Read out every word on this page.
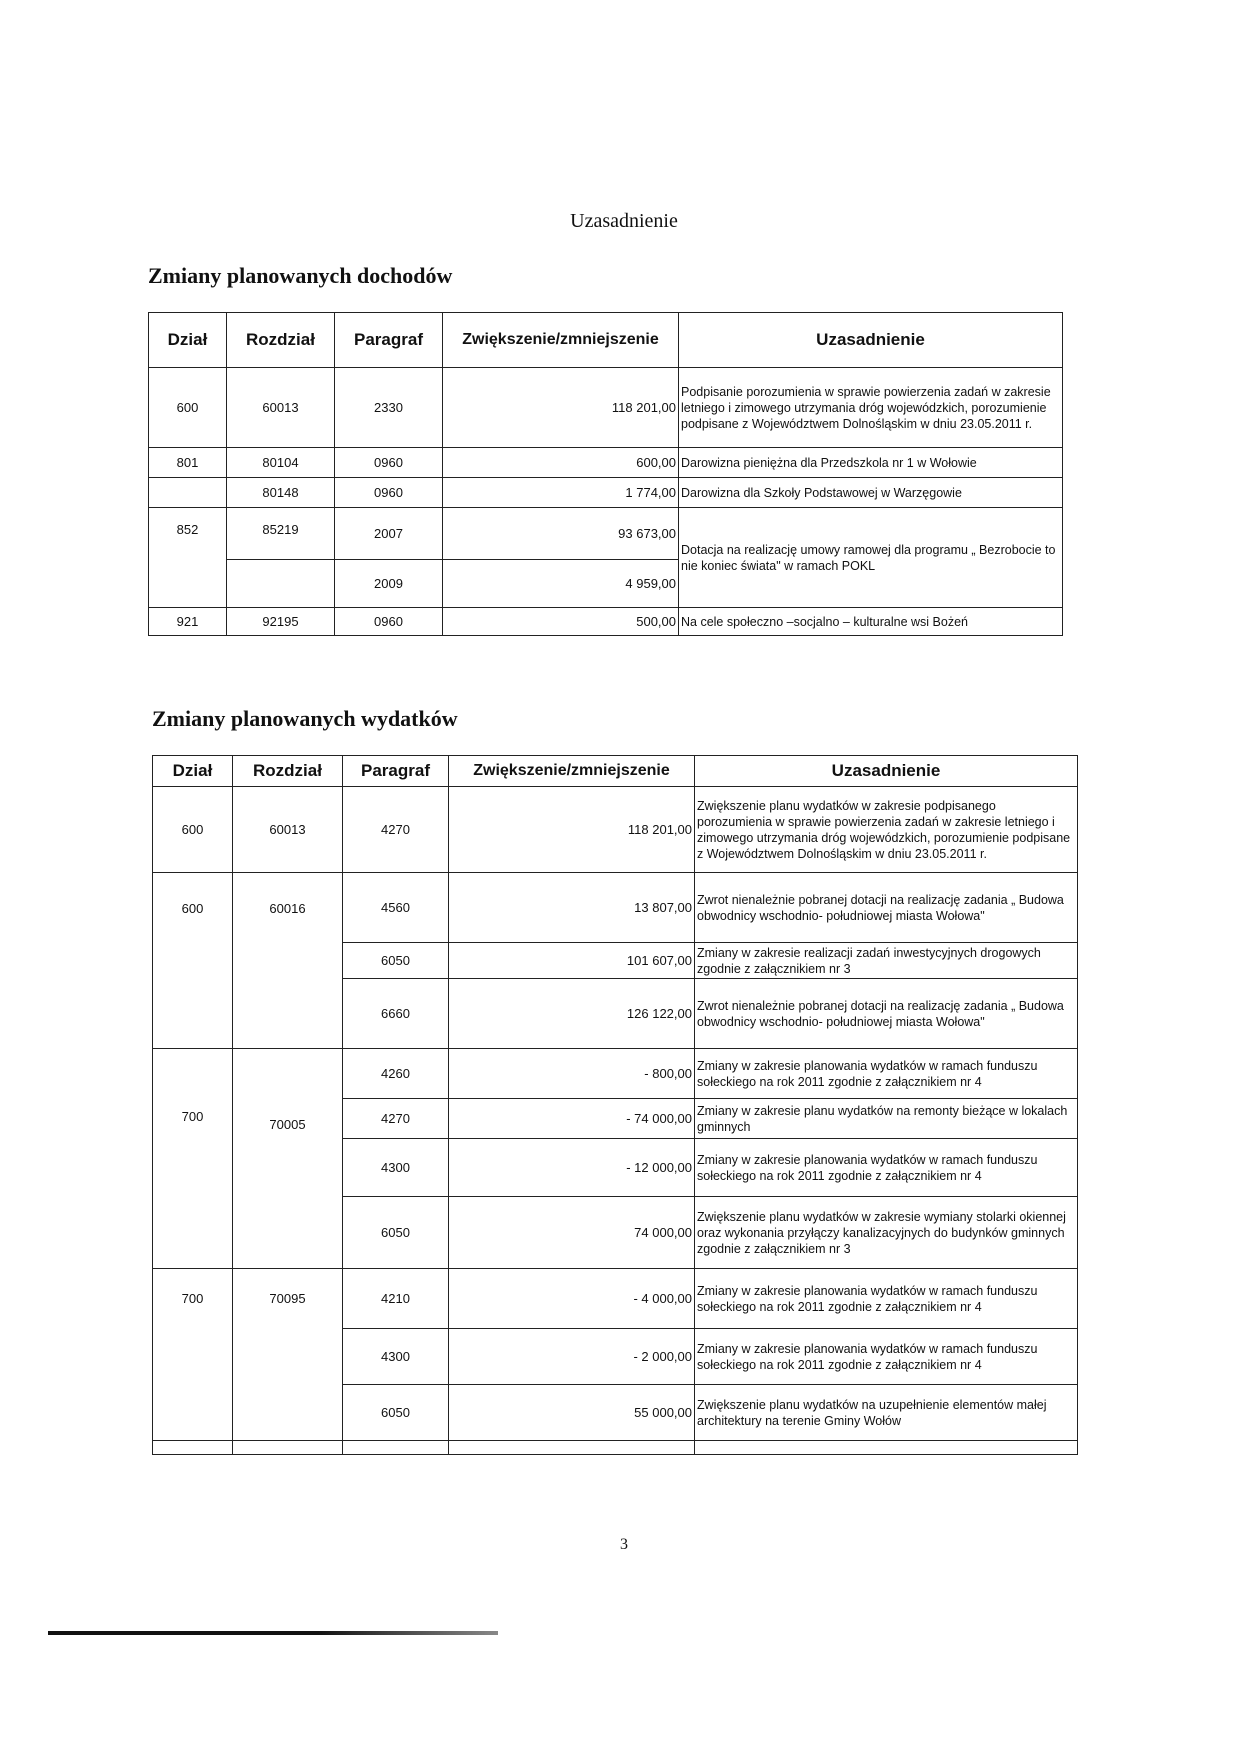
Uzasadnienie
Zmiany planowanych dochodów
Dział	Rozdział	Paragraf	Zwiększenie/zmniejszenie	Uzasadnienie
600	60013	2330	118 201,00	Podpisanie porozumienia w sprawie powierzenia zadań w zakresie letniego i zimowego utrzymania dróg wojewódzkich, porozumienie podpisane z Województwem Dolnośląskim w dniu 23.05.2011 r.
801	80104	0960	600,00	Darowizna pieniężna dla Przedszkola nr 1 w Wołowie
	80148	0960	1 774,00	Darowizna dla Szkoły Podstawowej w Warzęgowie
852	85219	2007	93 673,00	Dotacja na realizację umowy ramowej dla programu „ Bezrobocie to nie koniec świata" w ramach POKL
		2009	4 959,00	
921	92195	0960	500,00	Na cele społeczno –socjalno – kulturalne wsi Bożeń
Zmiany planowanych wydatków
Dział	Rozdział	Paragraf	Zwiększenie/zmniejszenie	Uzasadnienie
600	60013	4270	118 201,00	Zwiększenie planu wydatków w zakresie podpisanego porozumienia w sprawie powierzenia zadań w zakresie letniego i zimowego utrzymania dróg wojewódzkich, porozumienie podpisane z Województwem Dolnośląskim w dniu 23.05.2011 r.
600	60016	4560	13 807,00	Zwrot nienależnie pobranej dotacji na realizację zadania „ Budowa obwodnicy wschodnio- południowej miasta Wołowa"
		6050	101 607,00	Zmiany w zakresie realizacji zadań inwestycyjnych drogowych zgodnie z załącznikiem nr 3
		6660	126 122,00	Zwrot nienależnie pobranej dotacji na realizację zadania „ Budowa obwodnicy wschodnio- południowej miasta Wołowa"
700	70005	4260	- 800,00	Zmiany w zakresie planowania wydatków w ramach funduszu sołeckiego na rok 2011 zgodnie z załącznikiem nr 4
		4270	- 74 000,00	Zmiany w zakresie planu wydatków na remonty bieżące w lokalach gminnych
		4300	- 12 000,00	Zmiany w zakresie planowania wydatków w ramach funduszu sołeckiego na rok 2011 zgodnie z załącznikiem nr 4
		6050	74 000,00	Zwiększenie planu wydatków w zakresie wymiany stolarki okiennej oraz wykonania przyłączy kanalizacyjnych do budynków gminnych zgodnie z załącznikiem nr 3
700	70095	4210	- 4 000,00	Zmiany w zakresie planowania wydatków w ramach funduszu sołeckiego na rok 2011 zgodnie z załącznikiem nr 4
		4300	- 2 000,00	Zmiany w zakresie planowania wydatków w ramach funduszu sołeckiego na rok 2011 zgodnie z załącznikiem nr 4
		6050	55 000,00	Zwiększenie planu wydatków na uzupełnienie elementów małej architektury na terenie Gminy Wołów

3
